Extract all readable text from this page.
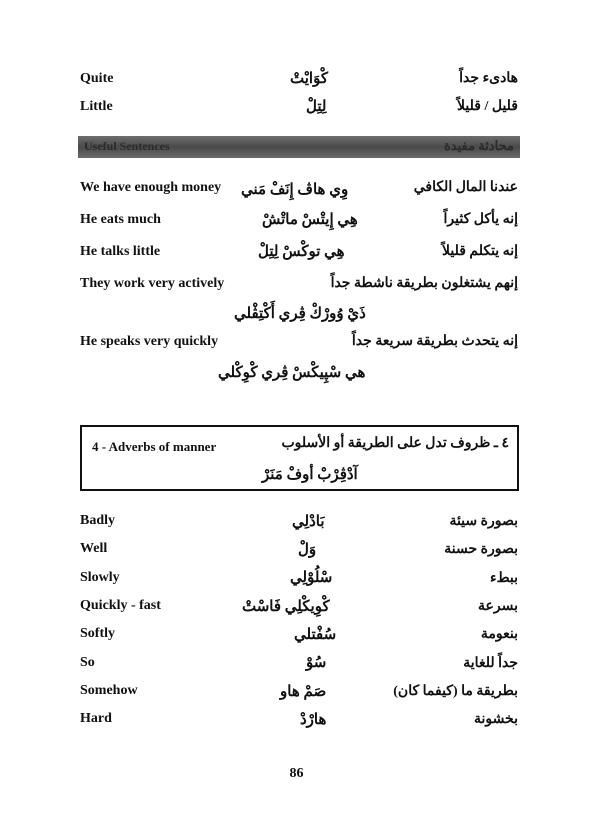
Quite	كْوَايْتْ	هادىء جداً
Little	لِتِلْ	قليل / قليلاً
Useful Sentences	محادثة مفيدة
We have enough money وِي هاڤ إِنَفْ مَني	عندنا المال الكافي
He eats much	هِي إِيتْسْ ماتْشْ	إنه يأكل كثيراً
He talks little	هِي توكْسْ لِتِلْ	إنه يتكلم قليلاً
They work very actively	إنهم يشتغلون بطريقة ناشطة جداً
ذَيْ وُورْكْ ڤِري أَكْتِڤْلي
He speaks very quickly	إنه يتحدث بطريقة سريعة جداً
هي سْپِيكْسْ ڤِري كْوِكْلي
4 - Adverbs of manner	٤ ـ ظروف تدل على الطريقة أو الأسلوب
آدْڤِرْبْ أوفْ مَنَرْ
Badly	بَادْلِي	بصورة سيئة
Well	وَلْ	بصورة حسنة
Slowly	سْلُوْلِي	ببطء
Quickly - fast	كْوِيكْلِي فَاسْتْ	بسرعة
Softly	سُفْتلي	بنعومة
So	سُوْ	جداً للغاية
Somehow	صَمْ هاو	بطريقة ما (كيفما كان)
Hard	هارْدْ	بخشونة
86
